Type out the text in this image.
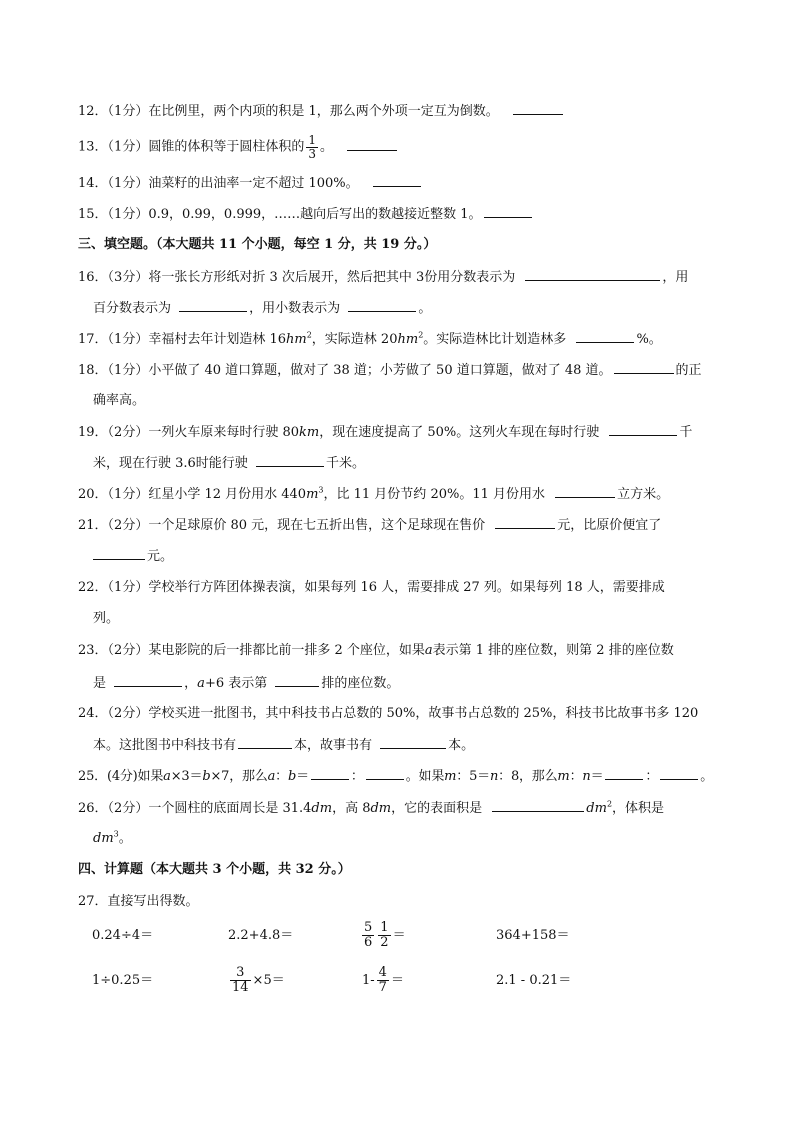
12．（1分）在比例里，两个内项的积是 1，那么两个外项一定互为倒数。
13．（1分）圆锥的体积等于圆柱体积的 $\frac{1}{3}$ 。
14．（1分）油菜籽的出油率一定不超过 100%。
15．（1分）0.9，0.99，0.999，……越向后写出的数越接近整数 1。
三、填空题。（本大题共 11 个小题，每空 1 分，共 19 分。）
16．（3分）将一张长方形纸对折 3 次后展开，然后把其中 3份用分数表示为	，用
百分数表示为	，用小数表示为	。
17．（1分）幸福村去年计划造林 $16hm^2$，实际造林 $20hm^2$。实际造林比计划造林多	%。
18．（1分）小平做了 40 道口算题，做对了 38 道；小芳做了 50 道口算题，做对了 48 道。	的正
确率高。
19．（2分）一列火车原来每时行驶 80km，现在速度提高了 50%。这列火车现在每时行驶	千
米，现在行驶 3.6时能行驶	千米。
20．（1分）红星小学 12 月份用水 $440m^3$，比 11 月份节约 20%。11 月份用水	立方米。
21．（2分）一个足球原价 80 元，现在七五折出售，这个足球现在售价	元，比原价便宜了
元。
22．（1分）学校举行方阵团体操表演，如果每列 16 人，需要排成 27 列。如果每列 18 人，需要排成
列。
23．（2分）某电影院的后一排都比前一排多 2 个座位，如果a表示第 1 排的座位数，则第 2 排的座位数
是	，a+6 表示第	排的座位数。
24．（2分）学校买进一批图书，其中科技书占总数的 50%，故事书占总数的 25%，科技书比故事书多 120
本。这批图书中科技书有	本，故事书有	本。
25．(4分)如果a×3＝b×7，那么a：b＝	：	。如果m：5＝n：8，那么m：n＝	：	。
26．（2分）一个圆柱的底面周长是 31.4dm，高 8dm，它的表面积是	$dm^2$，体积是
$dm^3$。
四、计算题（本大题共 3 个小题，共 32 分。）
27．直接写出得数。
0.24÷4＝	2.2+4.8＝	$\frac{5}{6} \frac{1}{2}$ ＝	364+158＝
1÷0.25＝	$\frac{3}{14} \times 5=$	$1- \frac{4}{7}$ ＝	2.1 - 0.21＝
